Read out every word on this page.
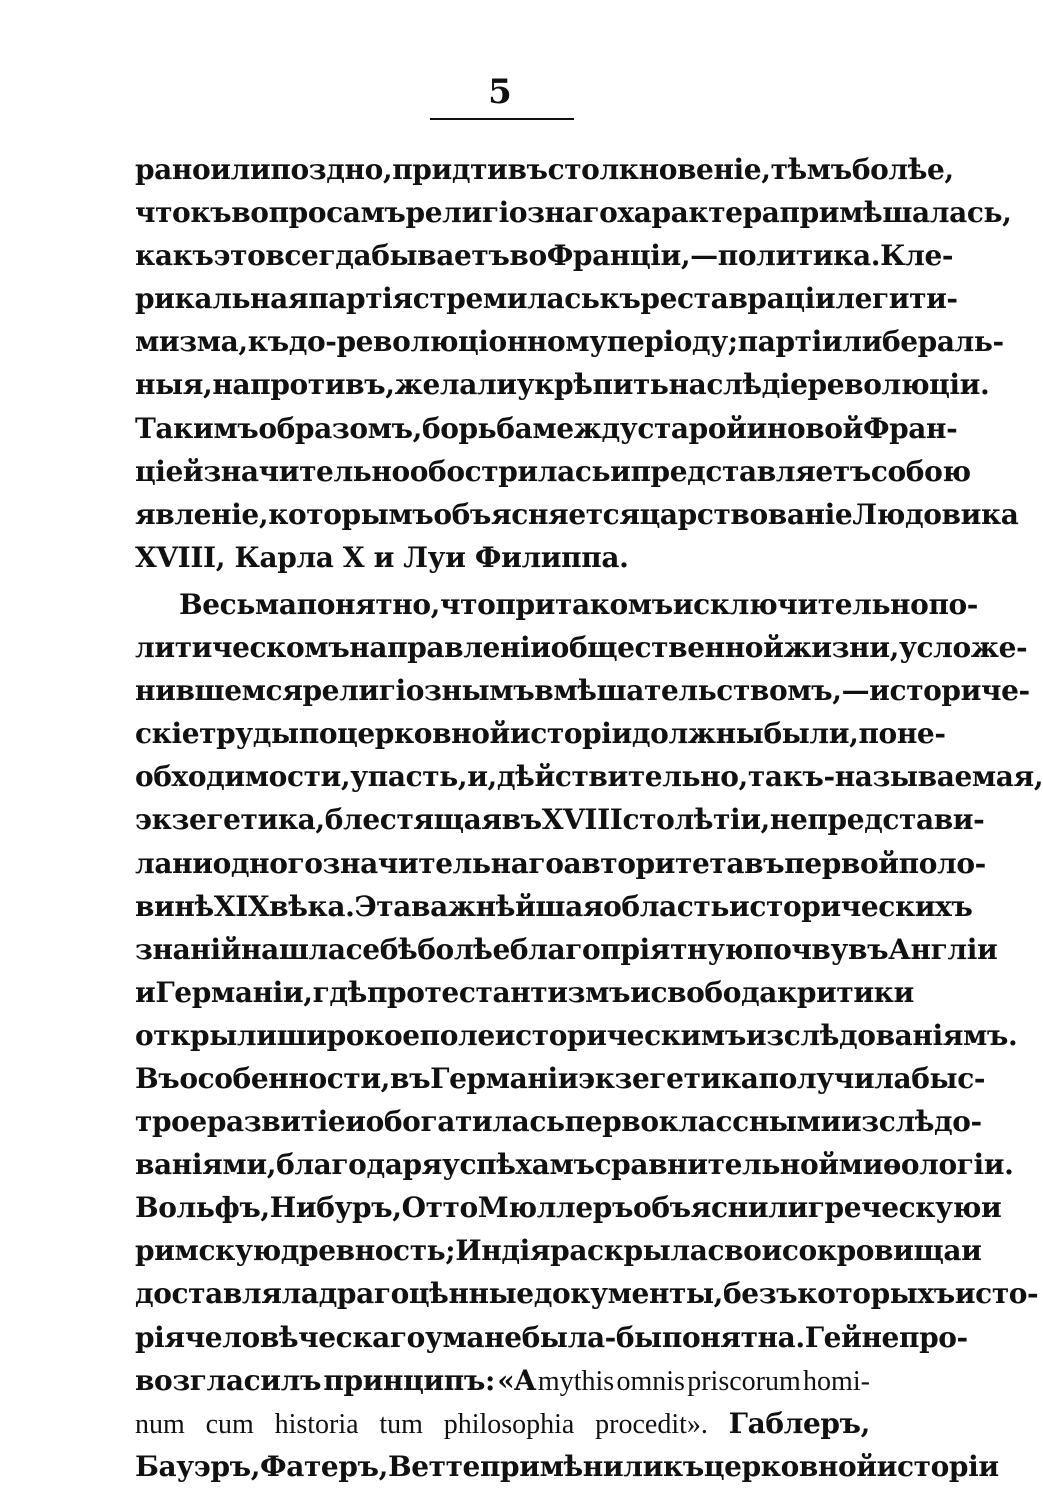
5
рано или поздно, придти въ столкновеніе, тѣмъ болѣе,
что къ вопросамъ религіознаго характера примѣшалась,
какъ это всегда бываетъ во Франціи,—политика. Кле-
рикальная партія стремилась къ реставраціи легити-
мизма, къ до-революціонному періоду; партіи либераль-
ныя, напротивъ, желали укрѣпить наслѣдіе революціи.
Такимъ образомъ, борьба между старой и новой Фран-
ціей значительно обострилась и представляетъ собою
явленіе, которымъ объясняется царствованіе Людовика
XVIII, Карла X и Луи Филиппа.
Весьма понятно, что при такомъ исключительно по-
литическомъ направленіи общественной жизни, усложе-
нившемся религіознымъ вмѣшательствомъ,—историче-
скіе труды по церковной исторіи должны были, по не-
обходимости, упасть, и, дѣйствительно, такъ-называемая,
экзегетика, блестящая въ XVIII столѣтіи, не представи-
ла ни одного значительнаго авторитета въ первой поло-
винѣ XIX вѣка. Эта важнѣйшая область историческихъ
знаній нашла себѣ болѣе благопріятную почву въ Англіи
и Германіи, гдѣ протестантизмъ и свобода критики
открыли широкое поле историческимъ изслѣдованіямъ.
Въ особенности, въ Германіи экзегетика получила быс-
трое развитіе и обогатилась первоклассными изслѣдо-
ваніями, благодаря успѣхамъ сравнительной миѳологіи.
Вольфъ, Нибуръ, Отто Мюллеръ объяснили греческую и
римскую древность; Индія раскрыла свои сокровища и
доставляла драгоцѣнные документы, безъ которыхъ исто-
рія человѣческаго ума не была-бы понятна. Гейне про-
возгласилъ принципъ: «A mythis omnis priscorum homi-
num cum historia tum philosophia procedit». Габлеръ,
Бауэръ, Фатеръ, Ветте примѣнили къ церковной исторіи
